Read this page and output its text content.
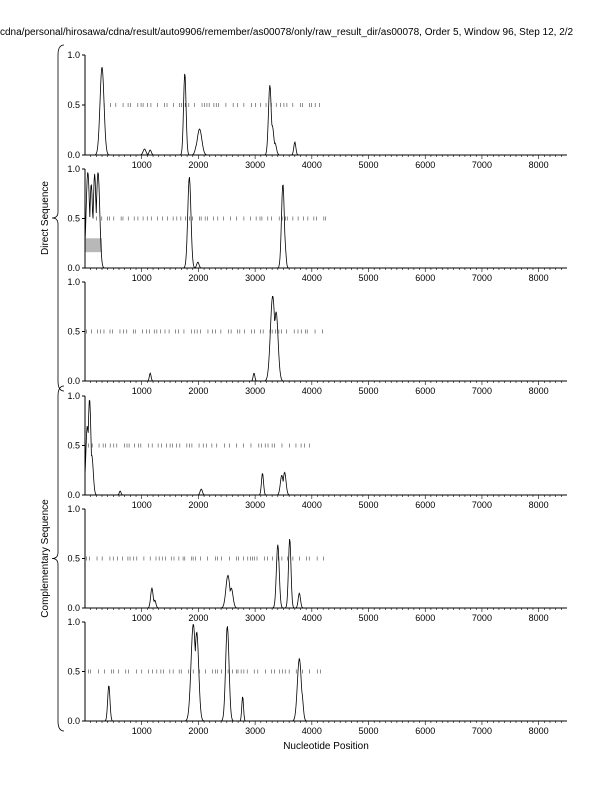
cdna/personal/hirosawa/cdna/result/auto9906/remember/as00078/only/raw_result_dir/as00078, Order 5, Window 96, Step 12, 2/2
0.0
0.5
1.0
1000	2000	3000	4000	5000	6000	7000	8000
0.0
0.5
1.0
1000	2000	3000	4000	5000	6000	7000	8000
0.0
0.5
1.0
1000	2000	3000	4000	5000	6000	7000	8000
0.0
0.5
1.0
1000	2000	3000	4000	5000	6000	7000	8000
0.0
0.5
1.0
1000	2000	3000	4000	5000	6000	7000	8000
0.0
0.5
1.0
1000	2000	3000	4000	5000	6000	7000	8000
Direct Sequence
Complementary Sequence
Nucleotide Position
